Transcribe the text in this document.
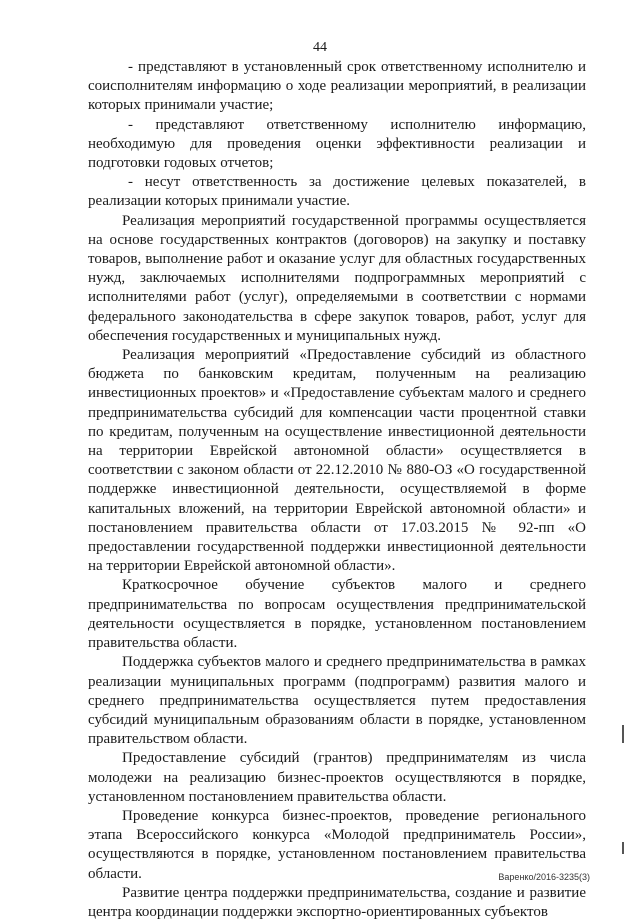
44

- представляют в установленный срок ответственному исполнителю и соисполнителям информацию о ходе реализации мероприятий, в реализации которых принимали участие;

- представляют ответственному исполнителю информацию, необходимую для проведения оценки эффективности реализации и подготовки годовых отчетов;

- несут ответственность за достижение целевых показателей, в реализации которых принимали участие.

Реализация мероприятий государственной программы осуществляется на основе государственных контрактов (договоров) на закупку и поставку товаров, выполнение работ и оказание услуг для областных государственных нужд, заключаемых исполнителями подпрограммных мероприятий с исполнителями работ (услуг), определяемыми в соответствии с нормами федерального законодательства в сфере закупок товаров, работ, услуг для обеспечения государственных и муниципальных нужд.

Реализация мероприятий «Предоставление субсидий из областного бюджета по банковским кредитам, полученным на реализацию инвестиционных проектов» и «Предоставление субъектам малого и среднего предпринимательства субсидий для компенсации части процентной ставки по кредитам, полученным на осуществление инвестиционной деятельности на территории Еврейской автономной области» осуществляется в соответствии с законом области от 22.12.2010 № 880-ОЗ «О государственной поддержке инвестиционной деятельности, осуществляемой в форме капитальных вложений, на территории Еврейской автономной области» и постановлением правительства области от 17.03.2015 № 92-пп «О предоставлении государственной поддержки инвестиционной деятельности на территории Еврейской автономной области».

Краткосрочное обучение субъектов малого и среднего предпринимательства по вопросам осуществления предпринимательской деятельности осуществляется в порядке, установленном постановлением правительства области.

Поддержка субъектов малого и среднего предпринимательства в рамках реализации муниципальных программ (подпрограмм) развития малого и среднего предпринимательства осуществляется путем предоставления субсидий муниципальным образованиям области в порядке, установленном правительством области.

Предоставление субсидий (грантов) предпринимателям из числа молодежи на реализацию бизнес-проектов осуществляются в порядке, установленном постановлением правительства области.

Проведение конкурса бизнес-проектов, проведение регионального этапа Всероссийского конкурса «Молодой предприниматель России», осуществляются в порядке, установленном постановлением правительства области.

Развитие центра поддержки предпринимательства, создание и развитие центра координации поддержки экспортно-ориентированных субъектов

Варенко/2016-3235(3)
